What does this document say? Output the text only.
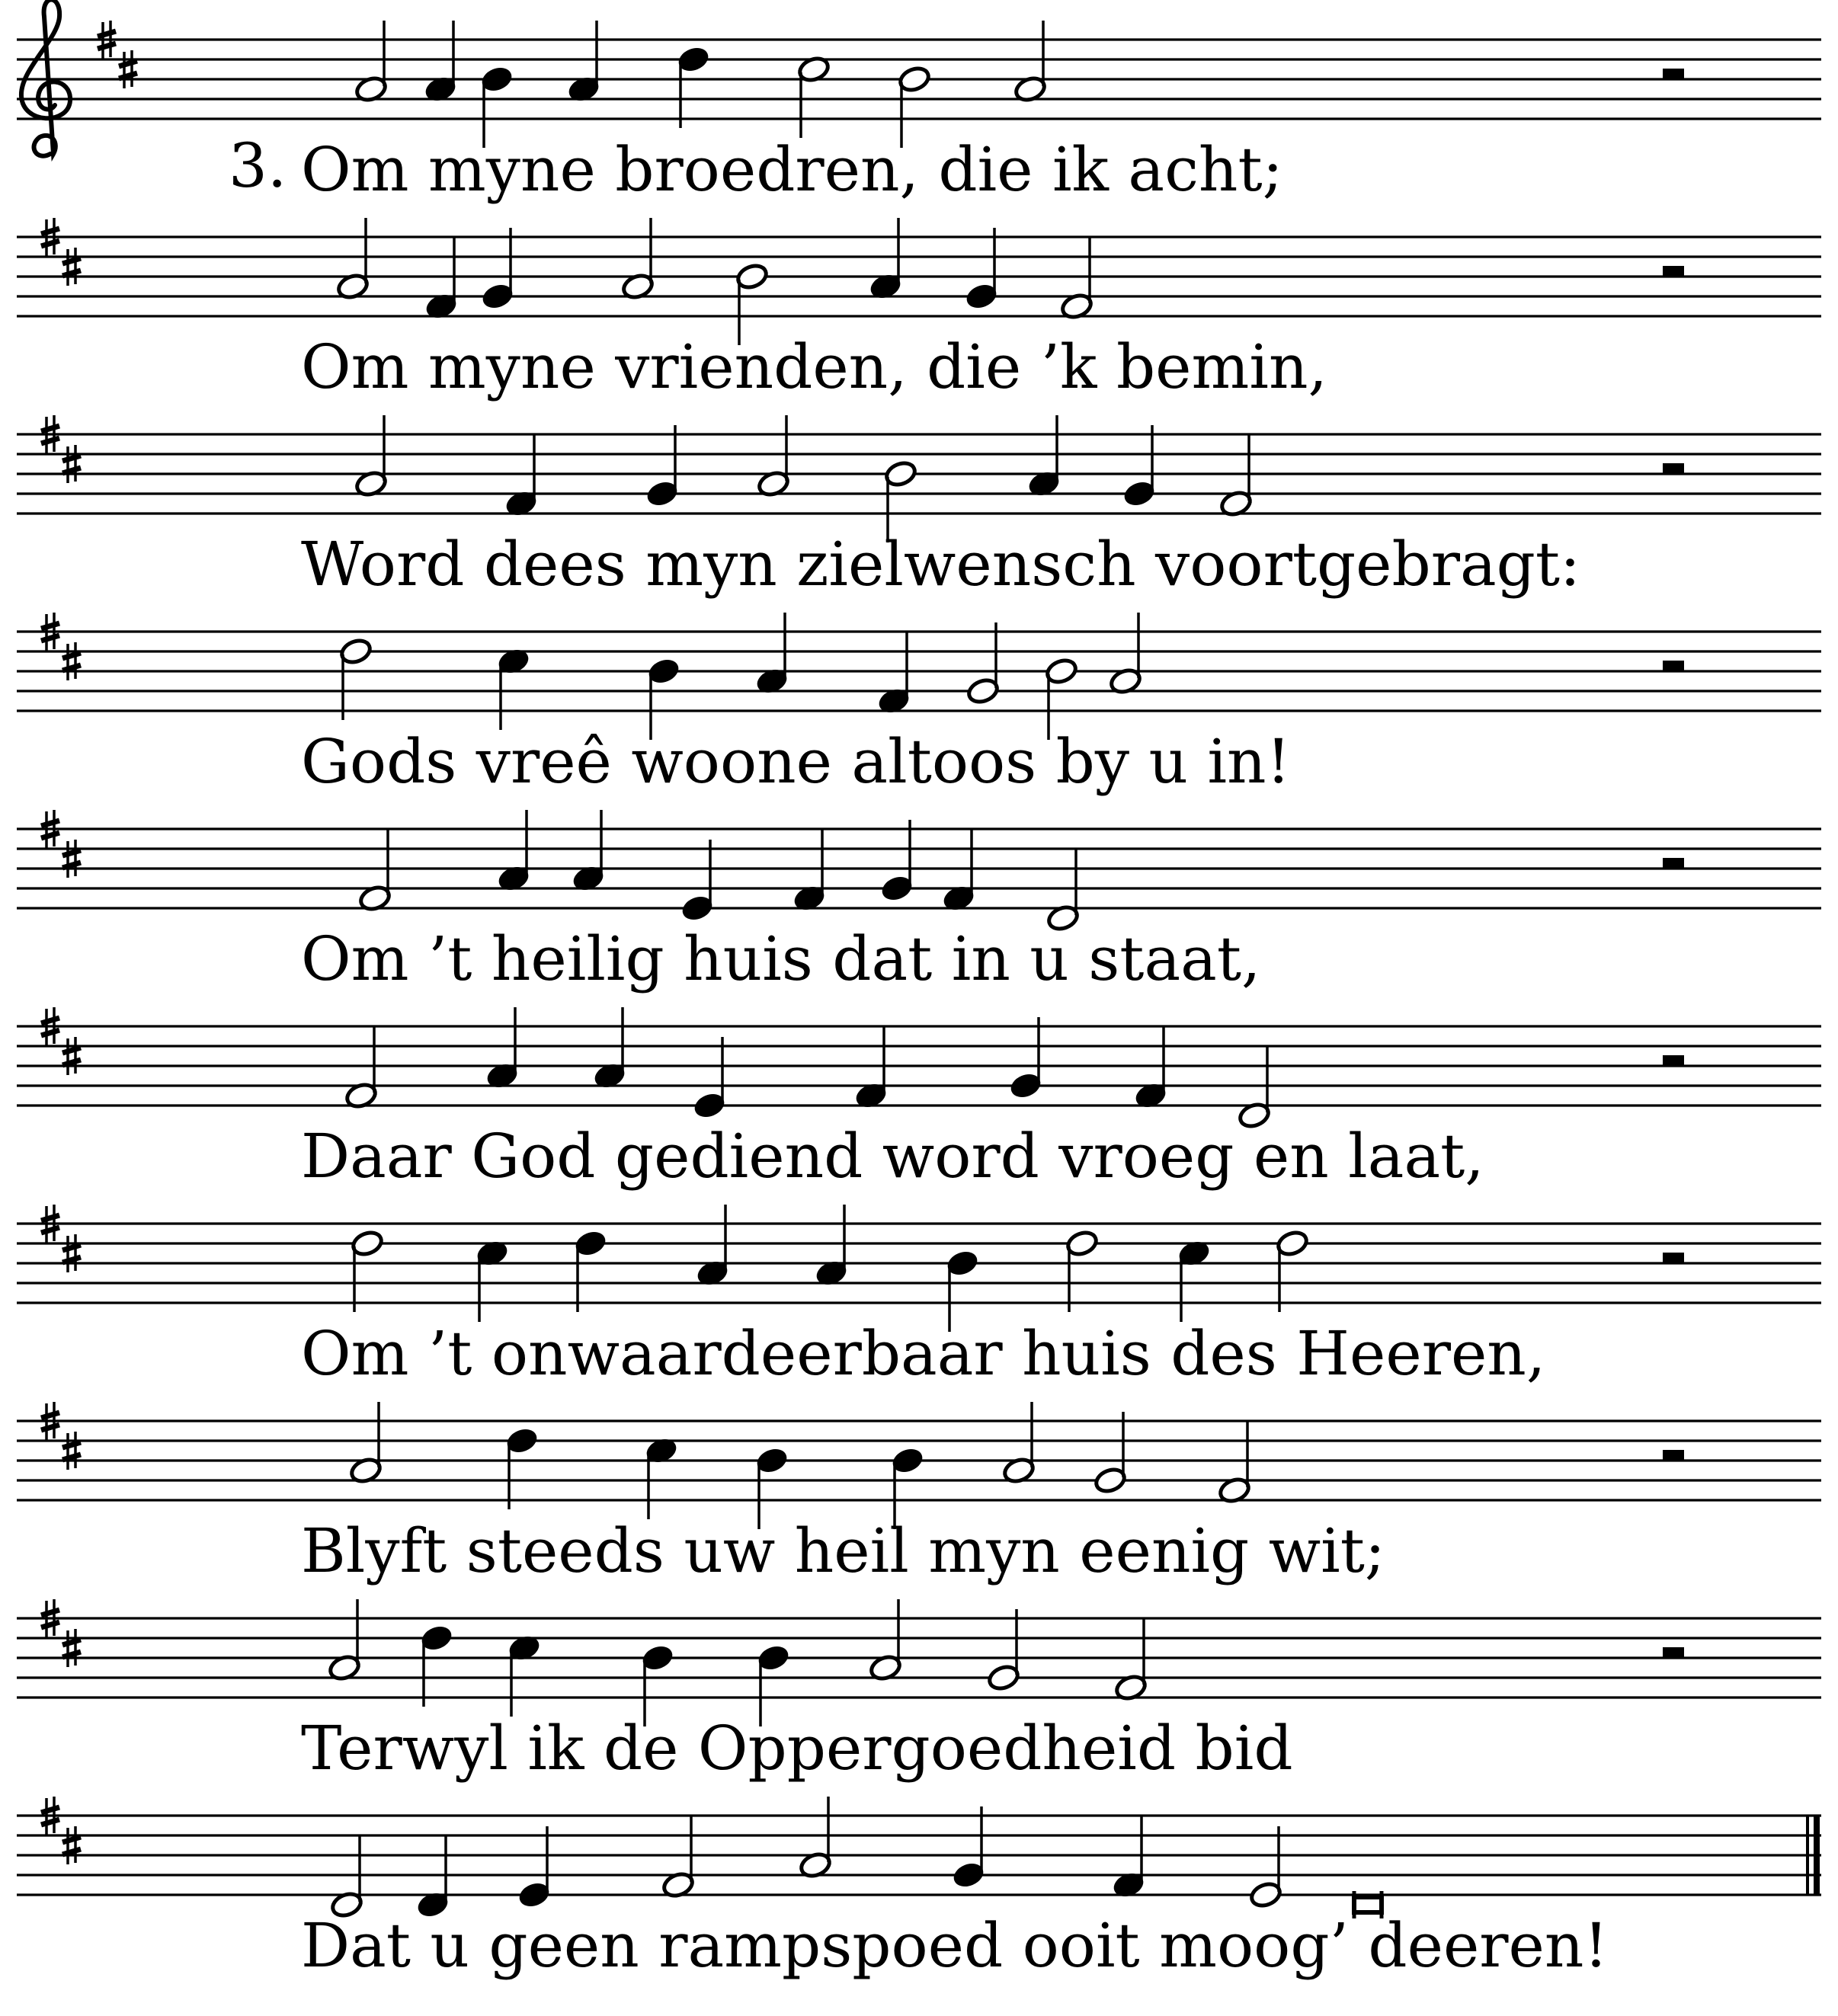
Om myne broedren, die ik acht;
Om myne vrienden, die ’k bemin,
Word dees myn zielwensch voortgebragt:
Gods vreê woone altoos by u in!
Om ’t heilig huis dat in u staat,
Daar God gediend word vroeg en laat,
Om ’t onwaardeerbaar huis des Heeren,
Blyft steeds uw heil myn eenig wit;
Terwyl ik de Oppergoedheid bid
Dat u geen rampspoed ooit moog’ deeren!
3.
